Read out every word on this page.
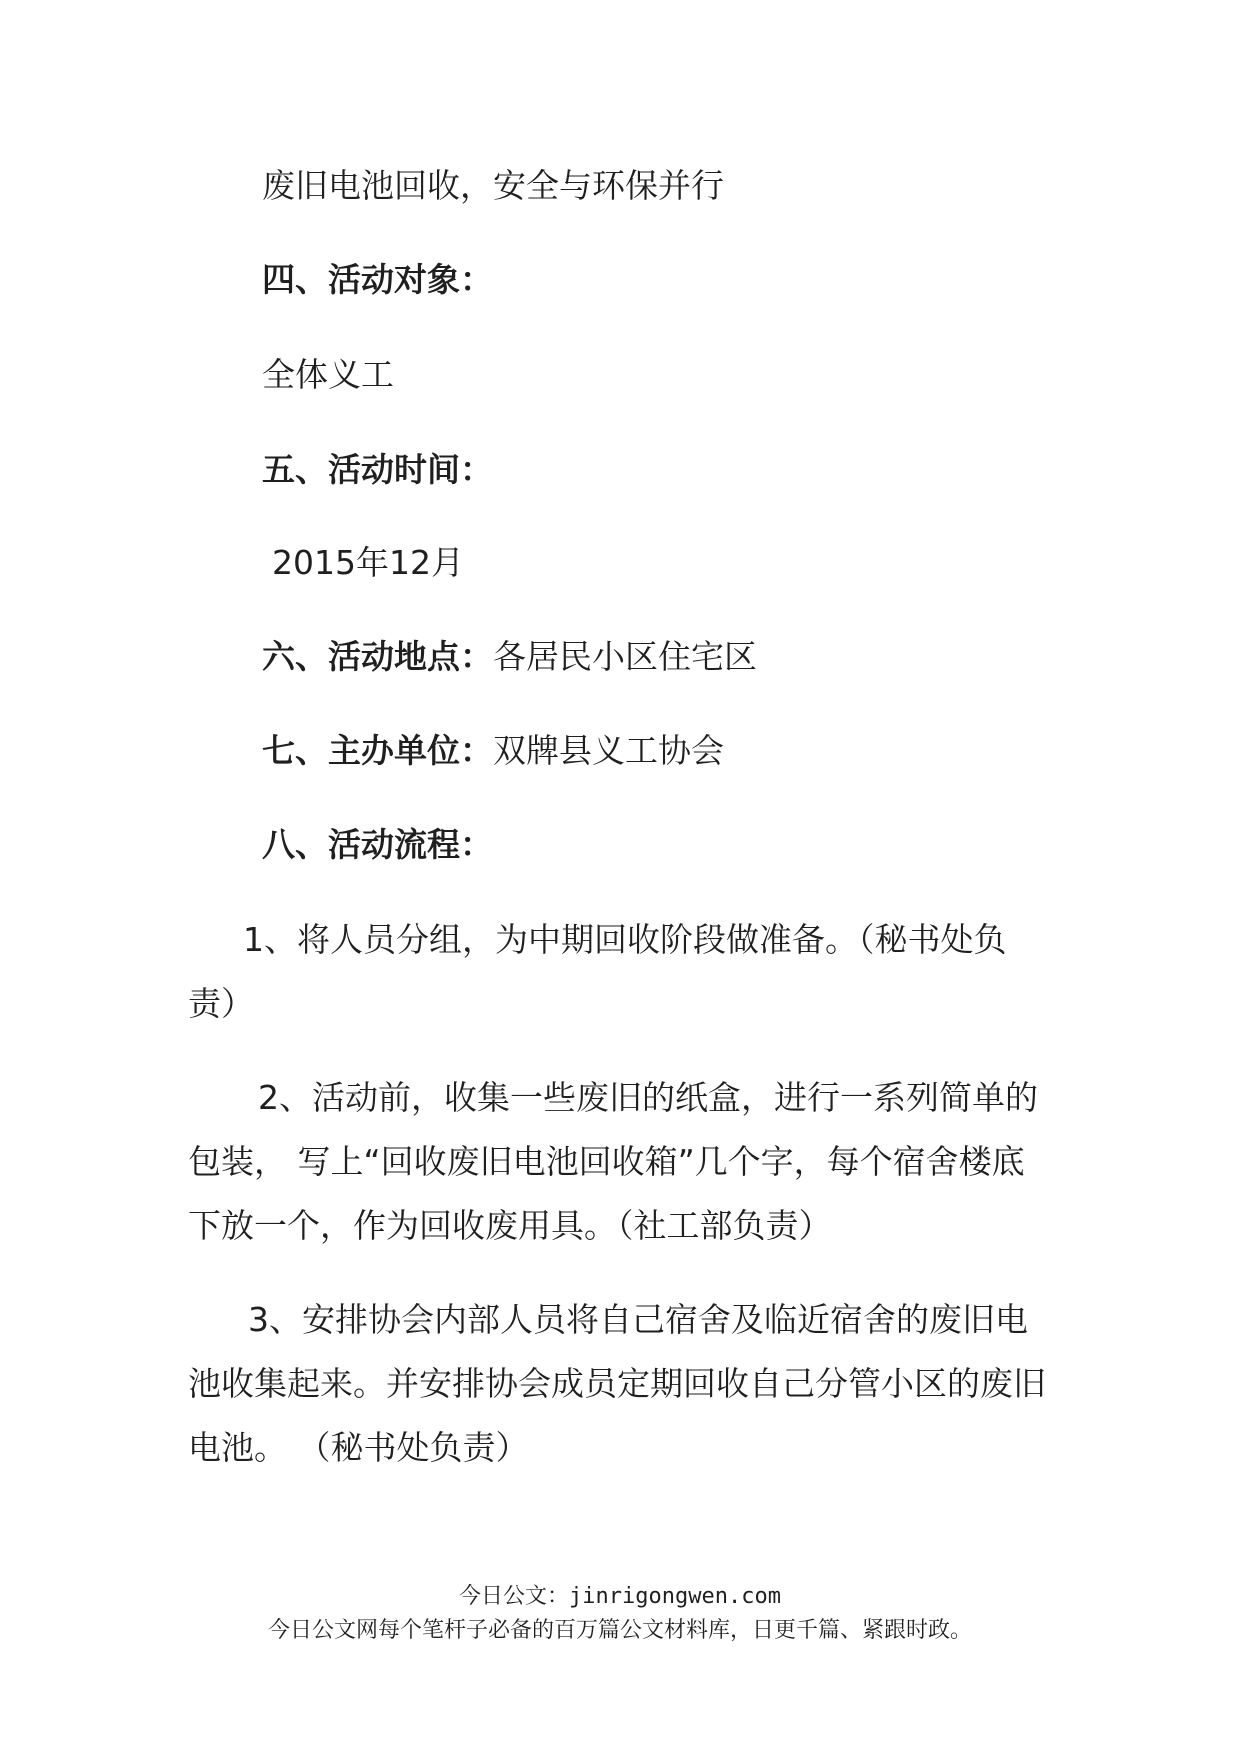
废旧电池回收，安全与环保并行
四、活动对象：
全体义工
五、活动时间：
2015年12月
六、活动地点：各居民小区住宅区
七、主办单位：双牌县义工协会
八、活动流程：
1、将人员分组，为中期回收阶段做准备。（秘书处负责）
2、活动前，收集一些废旧的纸盒，进行一系列简单的包装， 写上“回收废旧电池回收箱”几个字，每个宿舍楼底下放一个，作为回收废用具。（社工部负责）
3、安排协会内部人员将自己宿舍及临近宿舍的废旧电池收集起来。并安排协会成员定期回收自己分管小区的废旧电池。 （秘书处负责）
今日公文：jinrigongwen.com
今日公文网每个笔杆子必备的百万篇公文材料库，日更千篇、紧跟时政。
